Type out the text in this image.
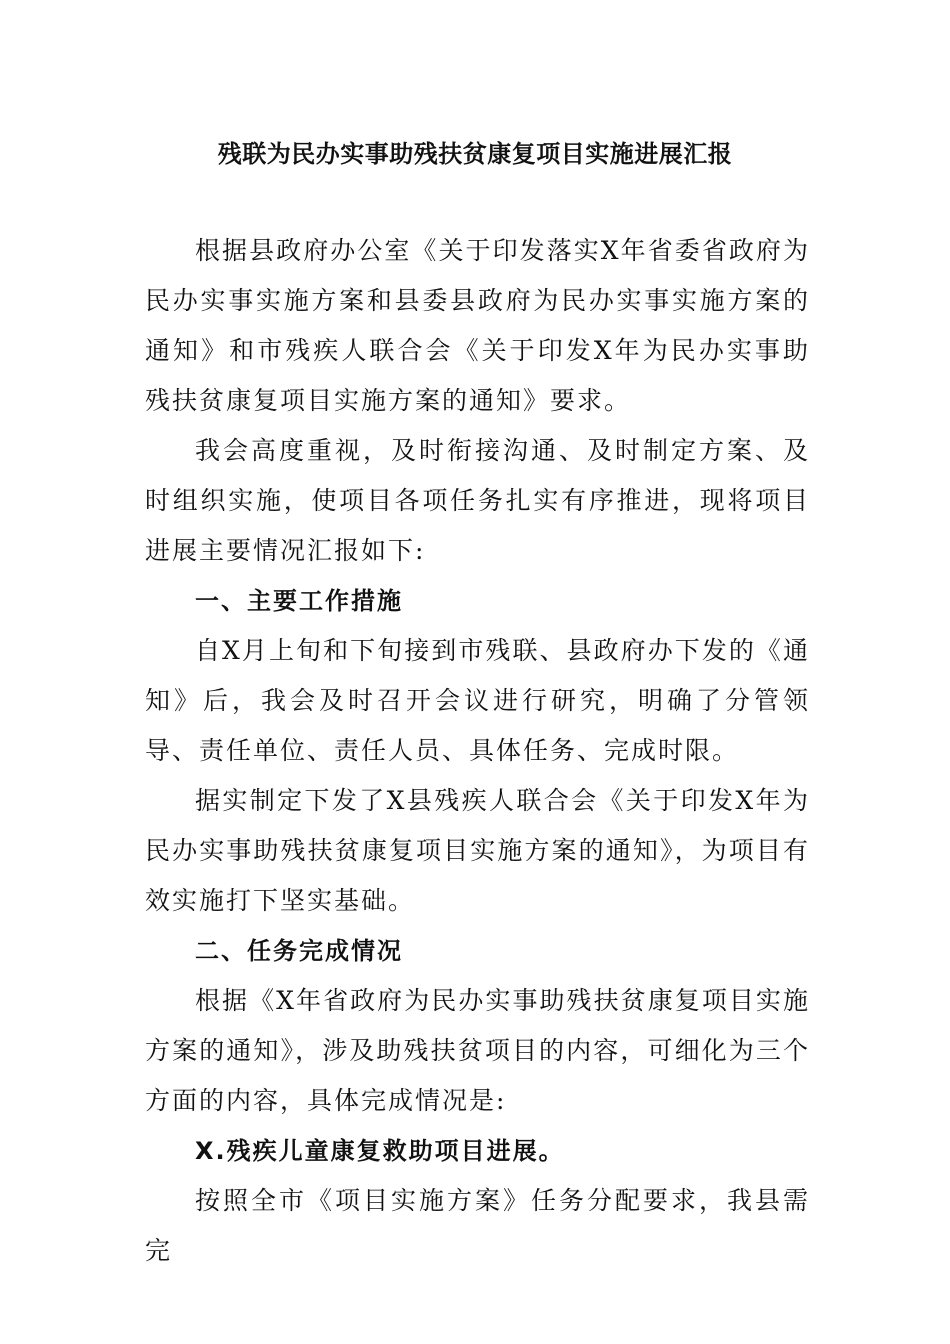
残联为民办实事助残扶贫康复项目实施进展汇报

根据县政府办公室《关于印发落实X年省委省政府为民办实事实施方案和县委县政府为民办实事实施方案的通知》和市残疾人联合会《关于印发X年为民办实事助残扶贫康复项目实施方案的通知》要求。

我会高度重视，及时衔接沟通、及时制定方案、及时组织实施，使项目各项任务扎实有序推进，现将项目进展主要情况汇报如下:

一、主要工作措施

自X月上旬和下旬接到市残联、县政府办下发的《通知》后，我会及时召开会议进行研究，明确了分管领导、责任单位、责任人员、具体任务、完成时限。

据实制定下发了X县残疾人联合会《关于印发X年为民办实事助残扶贫康复项目实施方案的通知》，为项目有效实施打下坚实基础。

二、任务完成情况

根据《X年省政府为民办实事助残扶贫康复项目实施方案的通知》，涉及助残扶贫项目的内容，可细化为三个方面的内容，具体完成情况是:

X.残疾儿童康复救助项目进展。

按照全市《项目实施方案》任务分配要求，我县需完
